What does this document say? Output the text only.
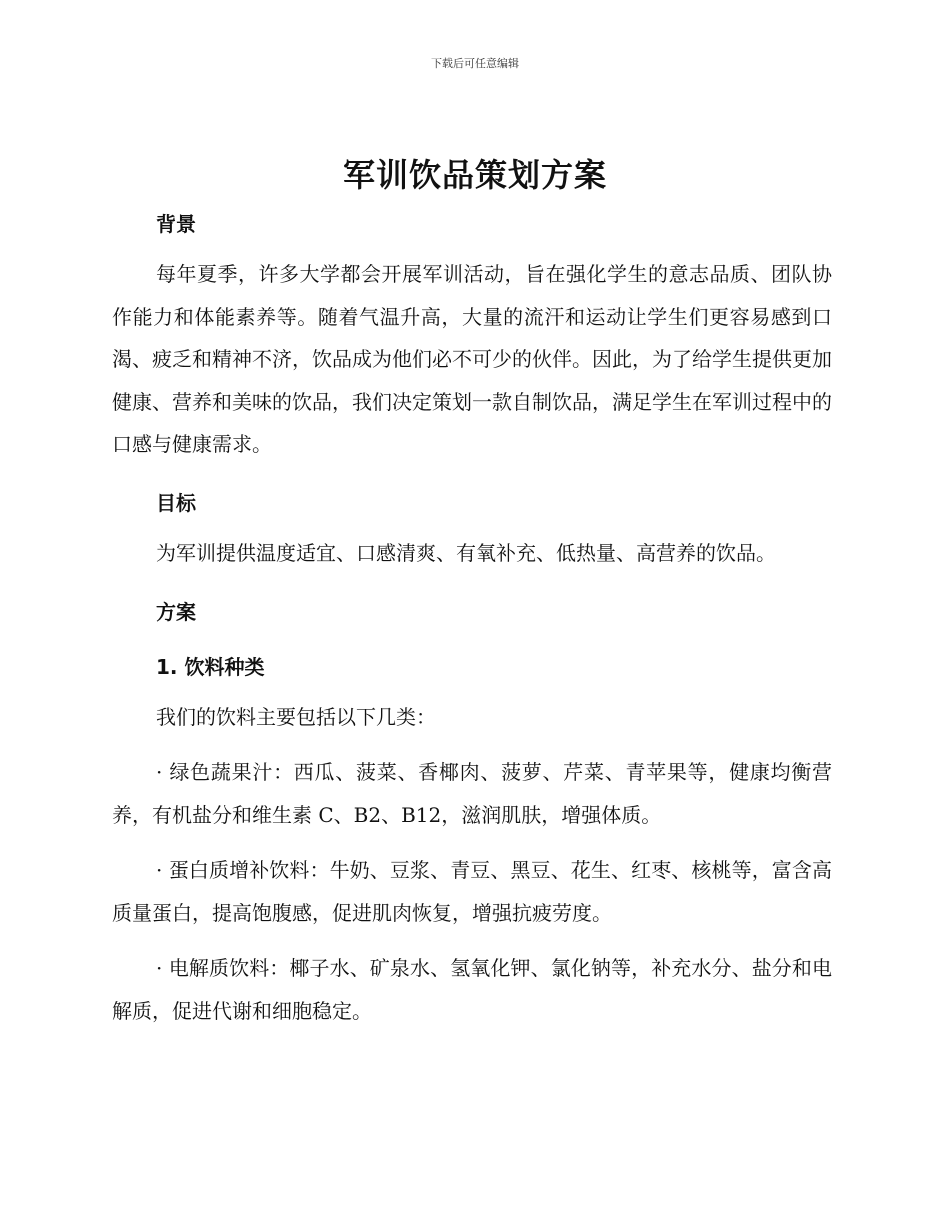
下载后可任意编辑
军训饮品策划方案
背景
每年夏季，许多大学都会开展军训活动，旨在强化学生的意志品质、团队协作能力和体能素养等。随着气温升高，大量的流汗和运动让学生们更容易感到口渴、疲乏和精神不济，饮品成为他们必不可少的伙伴。因此，为了给学生提供更加健康、营养和美味的饮品，我们决定策划一款自制饮品，满足学生在军训过程中的口感与健康需求。
目标
为军训提供温度适宜、口感清爽、有氧补充、低热量、高营养的饮品。
方案
1. 饮料种类
我们的饮料主要包括以下几类：
· 绿色蔬果汁：西瓜、菠菜、香椰肉、菠萝、芹菜、青苹果等，健康均衡营养，有机盐分和维生素 C、B2、B12，滋润肌肤，增强体质。
· 蛋白质增补饮料：牛奶、豆浆、青豆、黑豆、花生、红枣、核桃等，富含高质量蛋白，提高饱腹感，促进肌肉恢复，增强抗疲劳度。
· 电解质饮料：椰子水、矿泉水、氢氧化钾、氯化钠等，补充水分、盐分和电解质，促进代谢和细胞稳定。
